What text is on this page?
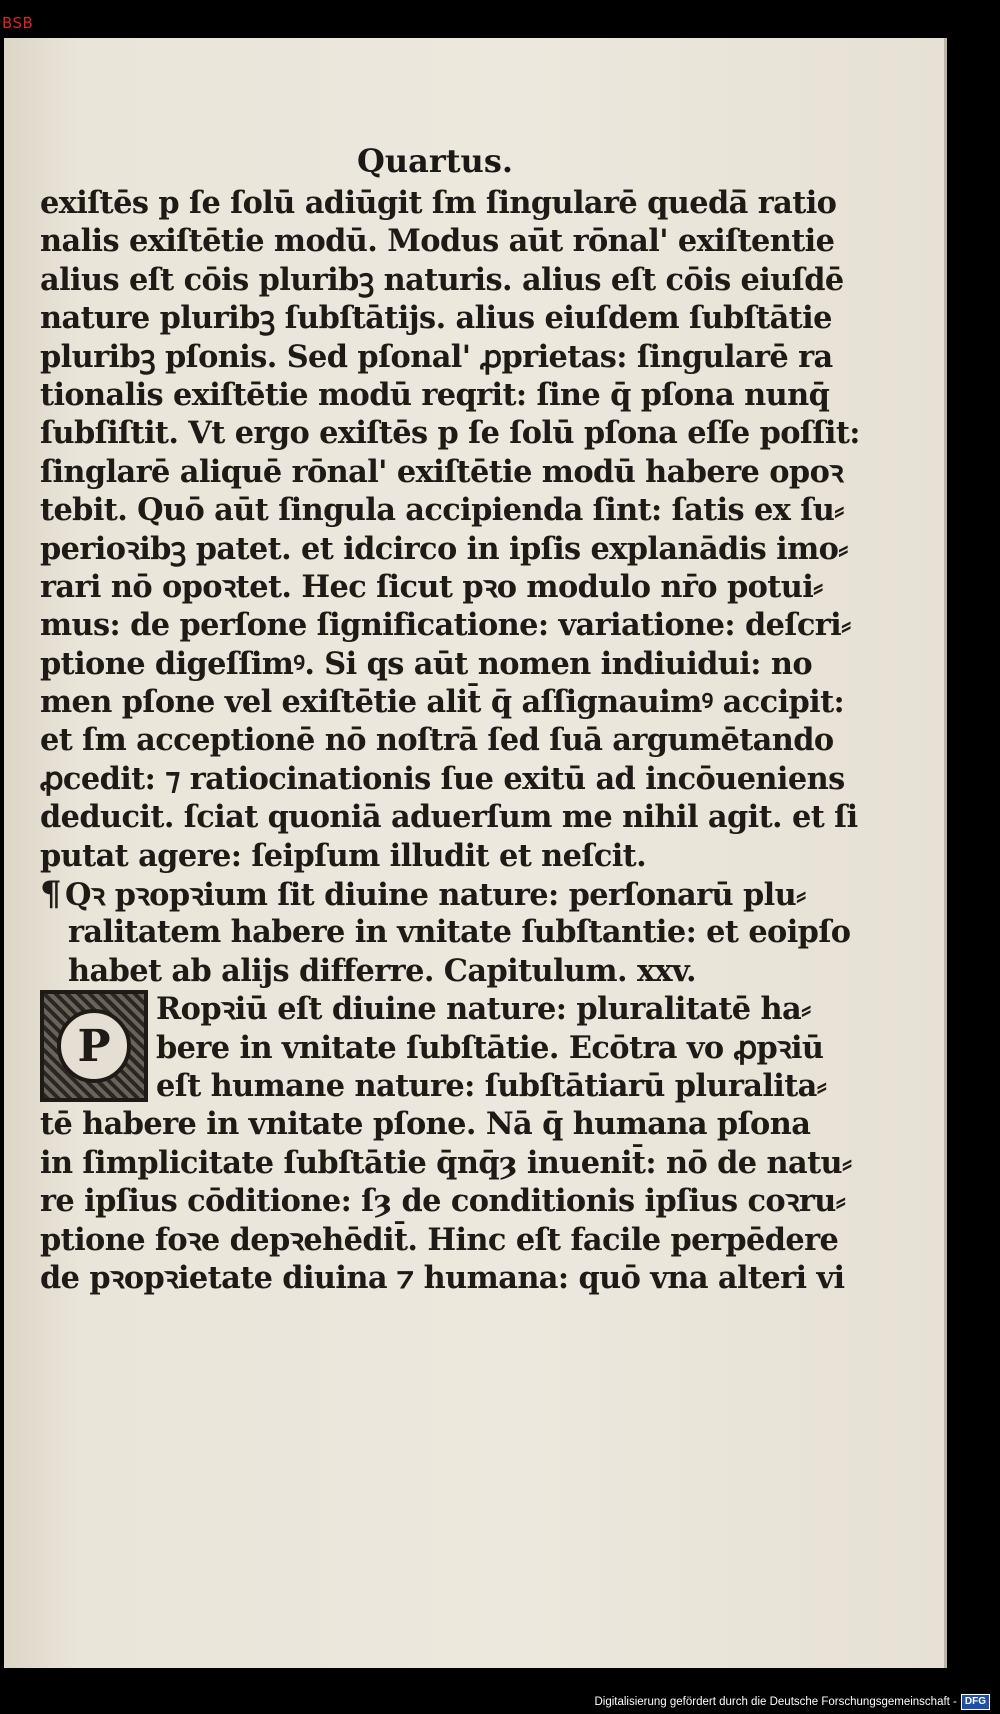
BSB
Quartus.
exiſtēs p ſe ſolū adiūgit ſm ſingularē quedā̄ ratio
nalis exiſtētie modū. Modus aūt rōnal' exiſtentie
alius eſt cōis pluribꝫ naturis. alius eſt cōis eiuſdē
nature pluribꝫ ſubſtātijs. alius eiuſdem ſubſtātie
pluribꝫ pſonis. Sed pſonal' ꝓprietas: ſingularē ra
tionalis exiſtētie modū reqrit: ſine q̄ pſona nunq̄
ſubſiſtit. Vt ergo exiſtēs p ſe ſolū pſona eſſe poſſit:
ſinglarē aliquē rōnal' exiſtētie modū habere opoꝛ
tebit. Quō aūt ſingula accipienda ſint: ſatis ex ſu⸗
perioꝛibꝫ patet. et idcirco in ipſis explanādis imo⸗
rari nō opoꝛtet. Hec ſicut pꝛo modulo nr̄o potui⸗
mus: de perſone ſignificatione: variatione: deſcri⸗
ptione digeſſimꝰ. Si qs aūt nomen indiuidui: no
men pſone vel exiſtētie alit̄ q̄ aſſignauimꝰ accipit:
et ſm acceptionē nō noſtrā ſed ſuā argumētando
ꝓcedit: ⁊ ratiocinationis ſue exitū ad incōueniens
deducit. ſciat quoniā aduerſum me nihil agit. et ſi
putat agere: ſeipſum illudit et neſcit.
¶ Qꝛ pꝛopꝛium ſit diuine nature: perſonarū plu⸗
ralitatem habere in vnitate ſubſtantie: et eoipſo
habet ab alijs differre. Capitulum. xxv.
P
Ropꝛiū eſt diuine nature: pluralitatē ha⸗
bere in vnitate ſubſtātie. Ecōtra vo ꝓpꝛiū
eſt humane nature: ſubſtātiarū pluralita⸗
tē habere in vnitate pſone. Nā q̄ humana pſona
in ſimplicitate ſubſtātie q̄nq̄ȝ inuenit̄: nō de natu⸗
re ipſius cōditione: ſȝ de conditionis ipſius coꝛru⸗
ptione foꝛe depꝛehēdit̄. Hinc eſt facile perpēdere
de pꝛopꝛietate diuina ⁊ humana: quō vna alteri vi
Digitalisierung gefördert durch die Deutsche Forschungsgemeinschaft - DFG
